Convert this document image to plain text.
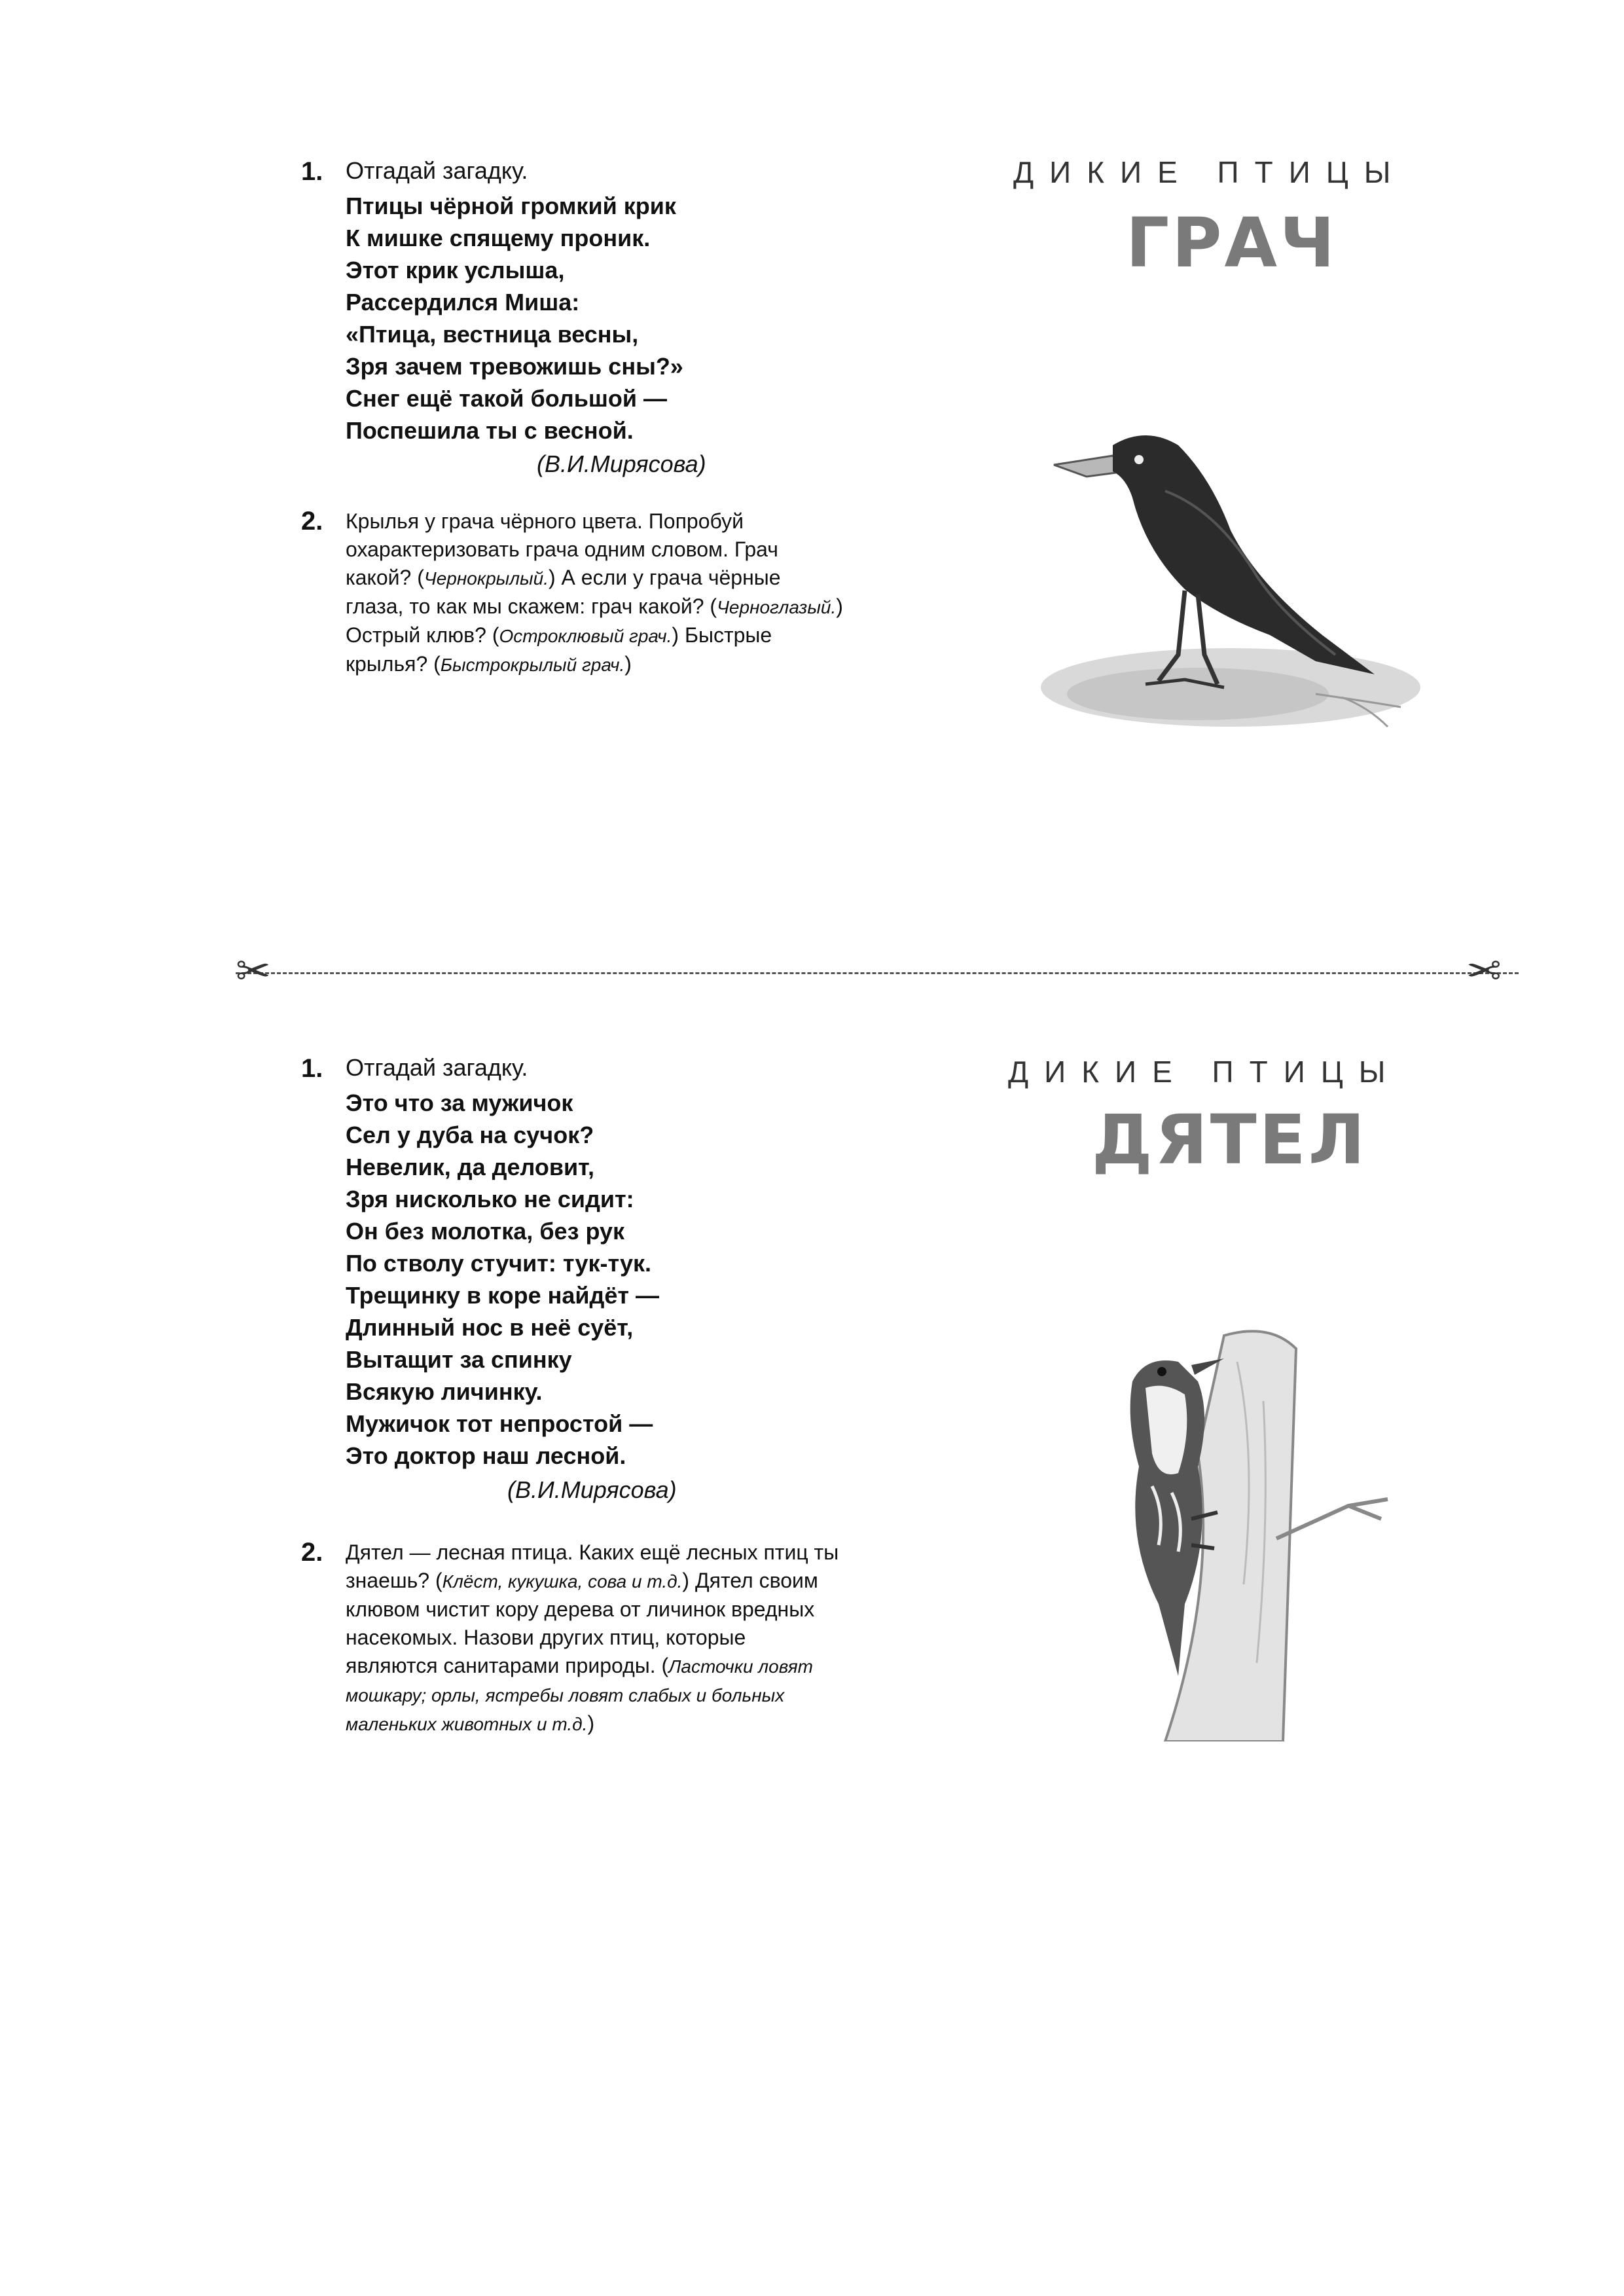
1. Отгадай загадку.
Птицы чёрной громкий крик
К мишке спящему проник.
Этот крик услыша,
Рассердился Миша:
«Птица, вестница весны,
Зря зачем тревожишь сны?»
Снег ещё такой большой —
Поспешила ты с весной.
(В.И.Мирясова)
2. Крылья у грача чёрного цвета. Попробуй охарактеризовать грача одним словом. Грач какой? (Чернокрылый.) А если у грача чёрные глаза, то как мы скажем: грач какой? (Черноглазый.) Острый клюв? (Остроклювый грач.) Быстрые крылья? (Быстрокрылый грач.)
ДИКИЕ ПТИЦЫ
ГРАЧ
✂	✂
1. Отгадай загадку.
Это что за мужичок
Сел у дуба на сучок?
Невелик, да деловит,
Зря нисколько не сидит:
Он без молотка, без рук
По стволу стучит: тук-тук.
Трещинку в коре найдёт —
Длинный нос в неё суёт,
Вытащит за спинку
Всякую личинку.
Мужичок тот непростой —
Это доктор наш лесной.
(В.И.Мирясова)
2. Дятел — лесная птица. Каких ещё лесных птиц ты знаешь? (Клёст, кукушка, сова и т.д.) Дятел своим клювом чистит кору дерева от личинок вредных насекомых. Назови других птиц, которые являются санитарами природы. (Ласточки ловят мошкару; орлы, ястребы ловят слабых и больных маленьких животных и т.д.)
ДИКИЕ ПТИЦЫ
ДЯТЕЛ
